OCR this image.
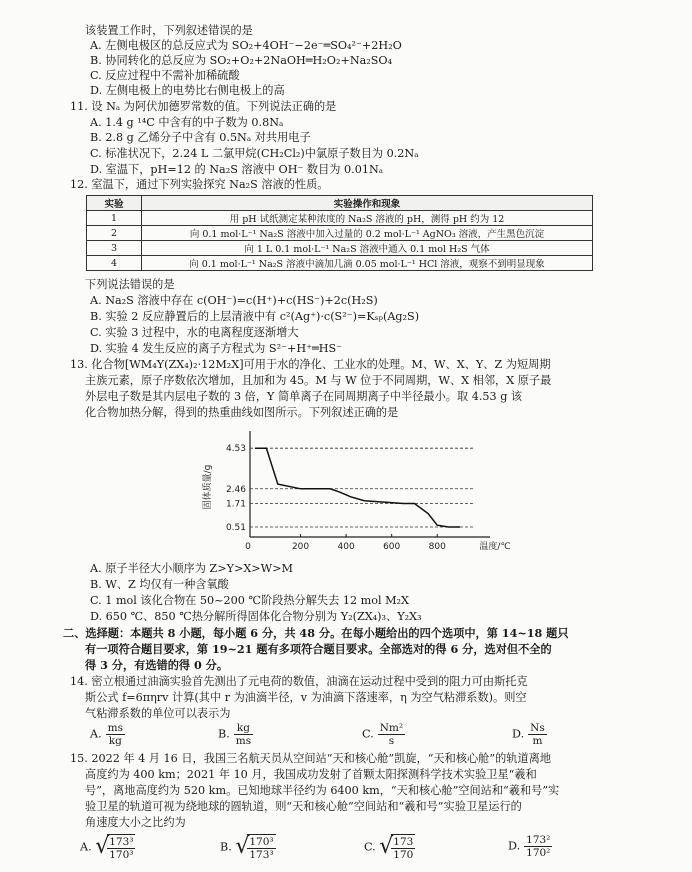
该装置工作时，下列叙述错误的是
A. 左侧电极区的总反应式为 SO₂+4OH⁻−2e⁻═SO₄²⁻+2H₂O
B. 协同转化的总反应为 SO₂+O₂+2NaOH═H₂O₂+Na₂SO₄
C. 反应过程中不需补加稀硫酸
D. 左侧电极上的电势比右侧电极上的高
11. 设 Nₐ 为阿伏加德罗常数的值。下列说法正确的是
A. 1.4 g ¹⁴C 中含有的中子数为 0.8Nₐ
B. 2.8 g 乙烯分子中含有 0.5Nₐ 对共用电子
C. 标准状况下，2.24 L 二氯甲烷(CH₂Cl₂)中氯原子数目为 0.2Nₐ
D. 室温下，pH=12 的 Na₂S 溶液中 OH⁻ 数目为 0.01Nₐ
12. 室温下，通过下列实验探究 Na₂S 溶液的性质。
实验	实验操作和现象
1	用 pH 试纸测定某种浓度的 Na₂S 溶液的 pH，测得 pH 约为 12
2	向 0.1 mol·L⁻¹ Na₂S 溶液中加入过量的 0.2 mol·L⁻¹ AgNO₃ 溶液，产生黑色沉淀
3	向 1 L 0.1 mol·L⁻¹ Na₂S 溶液中通入 0.1 mol H₂S 气体
4	向 0.1 mol·L⁻¹ Na₂S 溶液中滴加几滴 0.05 mol·L⁻¹ HCl 溶液，观察不到明显现象
下列说法错误的是
A. Na₂S 溶液中存在 c(OH⁻)=c(H⁺)+c(HS⁻)+2c(H₂S)
B. 实验 2 反应静置后的上层清液中有 c²(Ag⁺)·c(S²⁻)=Kₛₚ(Ag₂S)
C. 实验 3 过程中，水的电离程度逐渐增大
D. 实验 4 发生反应的离子方程式为 S²⁻+H⁺═HS⁻
13. 化合物[WM₄Y(ZX₄)₂·12M₂X]可用于水的净化、工业水的处理。M、W、X、Y、Z 为短周期
主族元素，原子序数依次增加，且加和为 45。M 与 W 位于不同周期，W、X 相邻，X 原子最
外层电子数是其内层电子数的 3 倍，Y 简单离子在同周期离子中半径最小。取 4.53 g 该
化合物加热分解，得到的热重曲线如图所示。下列叙述正确的是
200	400	600	800
0
0.51
1.71
2.46
4.53
温度/℃
固体质量/g
A. 原子半径大小顺序为 Z>Y>X>W>M
B. W、Z 均仅有一种含氧酸
C. 1 mol 该化合物在 50~200 ℃阶段热分解失去 12 mol M₂X
D. 650 ℃、850 ℃热分解所得固体化合物分别为 Y₂(ZX₄)₃、Y₂X₃
二、选择题：本题共 8 小题，每小题 6 分，共 48 分。在每小题给出的四个选项中，第 14~18 题只
有一项符合题目要求，第 19~21 题有多项符合题目要求。全部选对的得 6 分，选对但不全的
得 3 分，有选错的得 0 分。
14. 密立根通过油滴实验首先测出了元电荷的数值，油滴在运动过程中受到的阻力可由斯托克
斯公式 f=6πηrv 计算(其中 r 为油滴半径，v 为油滴下落速率，η 为空气粘滞系数)。则空
气粘滞系数的单位可以表示为
A. $\frac{ms}{kg}$	B. $\frac{kg}{ms}$	C. $\frac{\text{Nm²}}{s}$	D. $\frac{Ns}{m}$
15. 2022 年 4 月 16 日，我国三名航天员从空间站“天和核心舱”凯旋，“天和核心舱”的轨道离地
高度约为 400 km；2021 年 10 月，我国成功发射了首颗太阳探测科学技术实验卫星“羲和
号”，离地高度约为 520 km。已知地球半径约为 6400 km，“天和核心舱”空间站和“羲和号”实
验卫星的轨道可视为绕地球的圆轨道，则“天和核心舱”空间站和“羲和号”实验卫星运行的
角速度大小之比约为
A. √
$\frac{\text{173³}}{\text{170³}}$	B. √
$\frac{\text{170³}}{\text{173³}}$	C. √
$\frac{173}{170}$	D. $\frac{\text{173²}}{\text{170²}}$
